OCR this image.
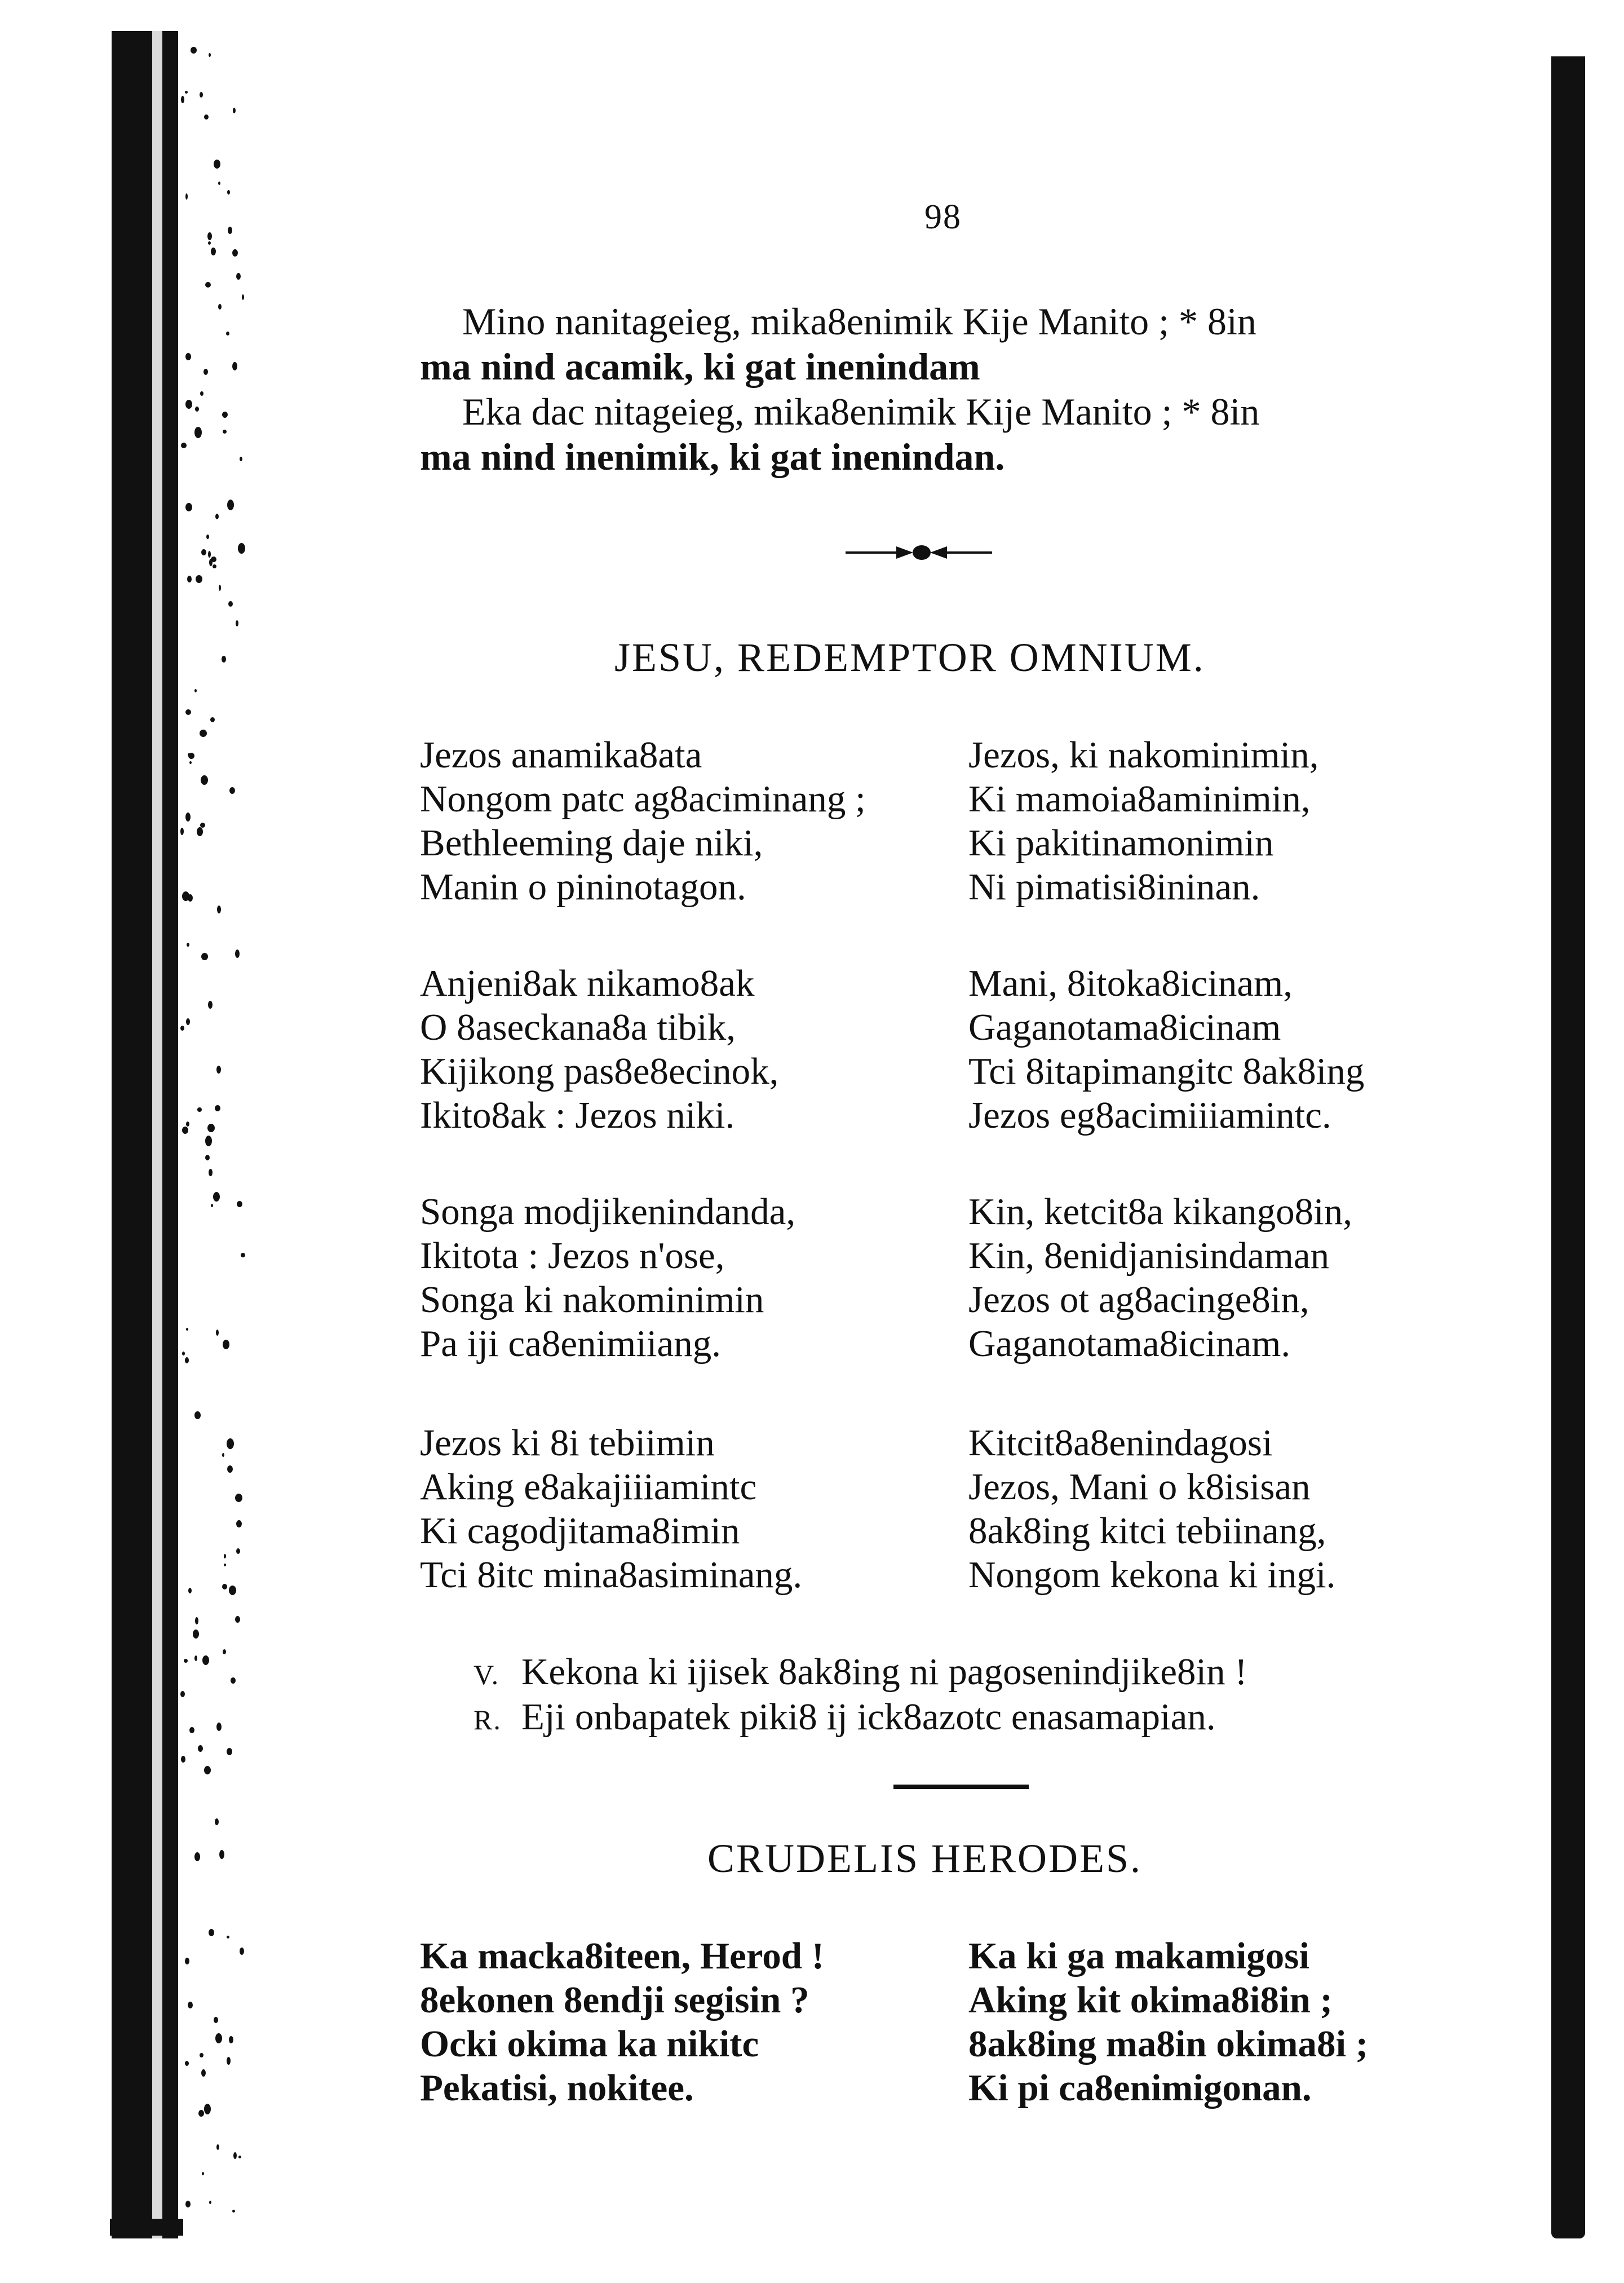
98
Mino nanitageieg, mika8enimik Kije Manito ; * 8in
ma nind acamik, ki gat inenindam
Eka dac nitageieg, mika8enimik Kije Manito ; * 8in
ma nind inenimik, ki gat inenindan.
JESU, REDEMPTOR OMNIUM.
Jezos anamika8ata
Nongom patc ag8aciminang ;
Bethleeming daje niki,
Manin o pininotagon.
Jezos, ki nakominimin,
Ki mamoia8aminimin,
Ki pakitinamonimin
Ni pimatisi8ininan.
Anjeni8ak nikamo8ak
O 8aseckana8a tibik,
Kijikong pas8e8ecinok,
Ikito8ak : Jezos niki.
Mani, 8itoka8icinam,
Gaganotama8icinam
Tci 8itapimangitc 8ak8ing
Jezos eg8acimiiiamintc.
Songa modjikenindanda,
Ikitota : Jezos n'ose,
Songa ki nakominimin
Pa iji ca8enimiiang.
Kin, ketcit8a kikango8in,
Kin, 8enidjanisindaman
Jezos ot ag8acinge8in,
Gaganotama8icinam.
Jezos ki 8i tebiimin
Aking e8akajiiiamintc
Ki cagodjitama8imin
Tci 8itc mina8asiminang.
Kitcit8a8enindagosi
Jezos, Mani o k8isisan
8ak8ing kitci tebiinang,
Nongom kekona ki ingi.
V. Kekona ki ijisek 8ak8ing ni pagosenindjike8in !
R. Eji onbapatek piki8 ij ick8azotc enasamapian.
CRUDELIS HERODES.
Ka macka8iteen, Herod !
8ekonen 8endji segisin ?
Ocki okima ka nikitc
Pekatisi, nokitee.
Ka ki ga makamigosi
Aking kit okima8i8in ;
8ak8ing ma8in okima8i ;
Ki pi ca8enimigonan.
